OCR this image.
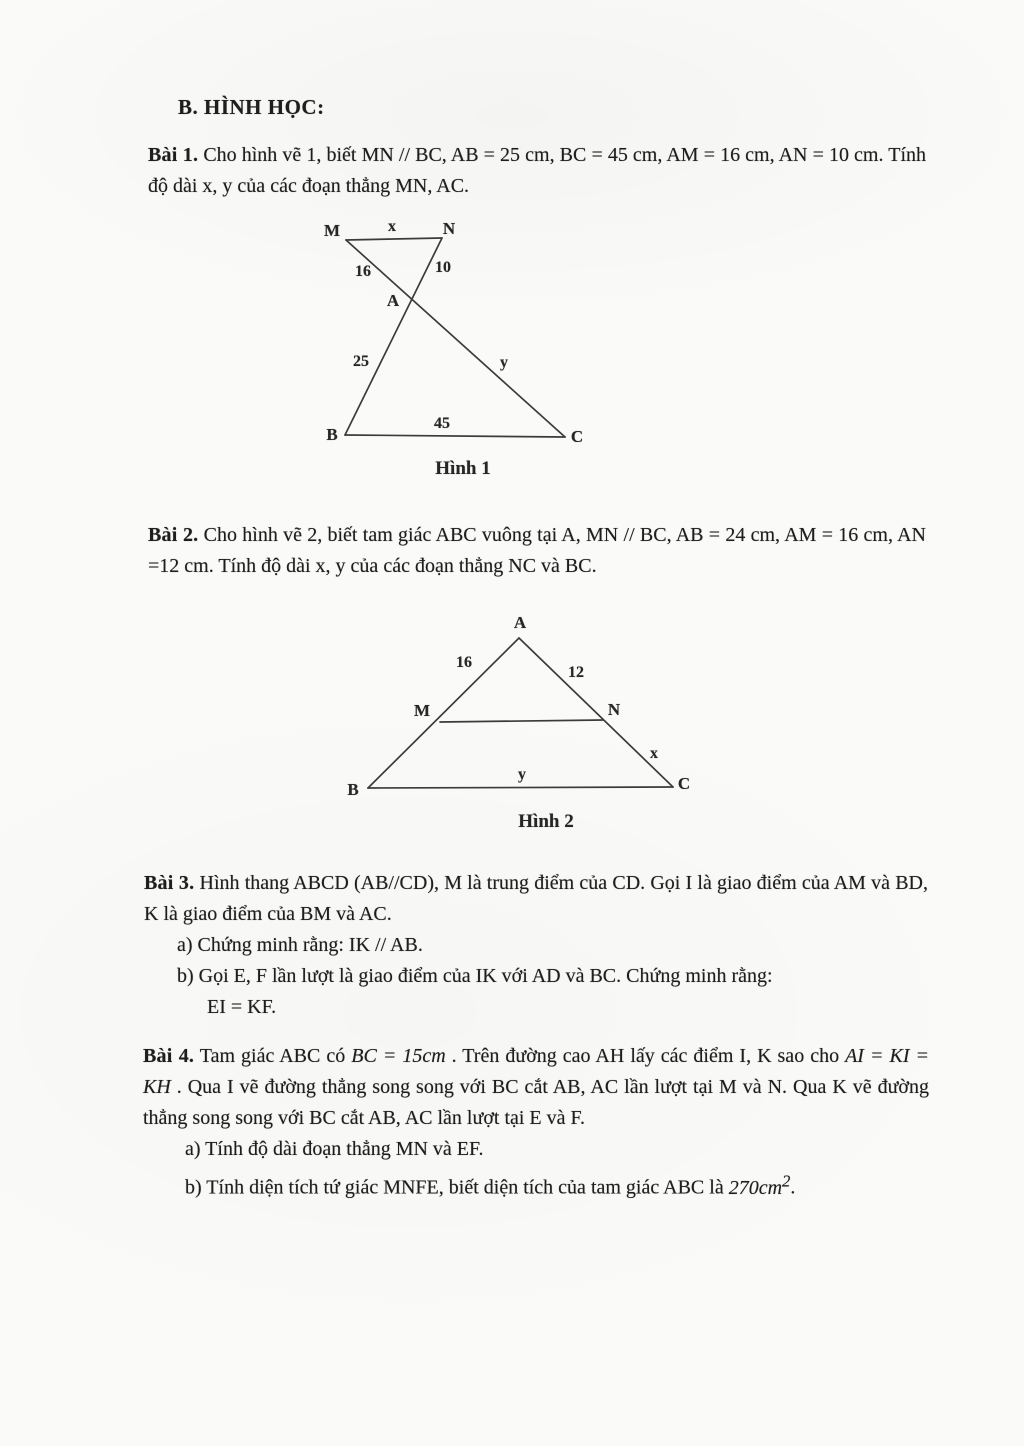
B. HÌNH HỌC:
Bài 1. Cho hình vẽ 1, biết MN // BC, AB = 25 cm, BC = 45 cm, AM = 16 cm, AN = 10 cm. Tính độ dài x, y của các đoạn thẳng MN, AC.
M	x	N
16	10
A
25	y
45
B	C
Hình 1
Bài 2. Cho hình vẽ 2, biết tam giác ABC vuông tại A, MN // BC, AB = 24 cm, AM = 16 cm, AN =12 cm. Tính độ dài x, y của các đoạn thẳng NC và BC.
A
16
12
M	N
x
y
B	C
Hình 2
Bài 3. Hình thang ABCD (AB//CD), M là trung điểm của CD. Gọi I là giao điểm của AM và BD, K là giao điểm của BM và AC.
a) Chứng minh rằng: IK // AB.
b) Gọi E, F lần lượt là giao điểm của IK với AD và BC. Chứng minh rằng:
EI = KF.
Bài 4. Tam giác ABC có BC = 15cm . Trên đường cao AH lấy các điểm I, K sao cho AI = KI = KH . Qua I vẽ đường thẳng song song với BC cắt AB, AC lần lượt tại M và N. Qua K vẽ đường thẳng song song với BC cắt AB, AC lần lượt tại E và F.
a) Tính độ dài đoạn thẳng MN và EF.
b) Tính diện tích tứ giác MNFE, biết diện tích của tam giác ABC là $270cm^2$.
